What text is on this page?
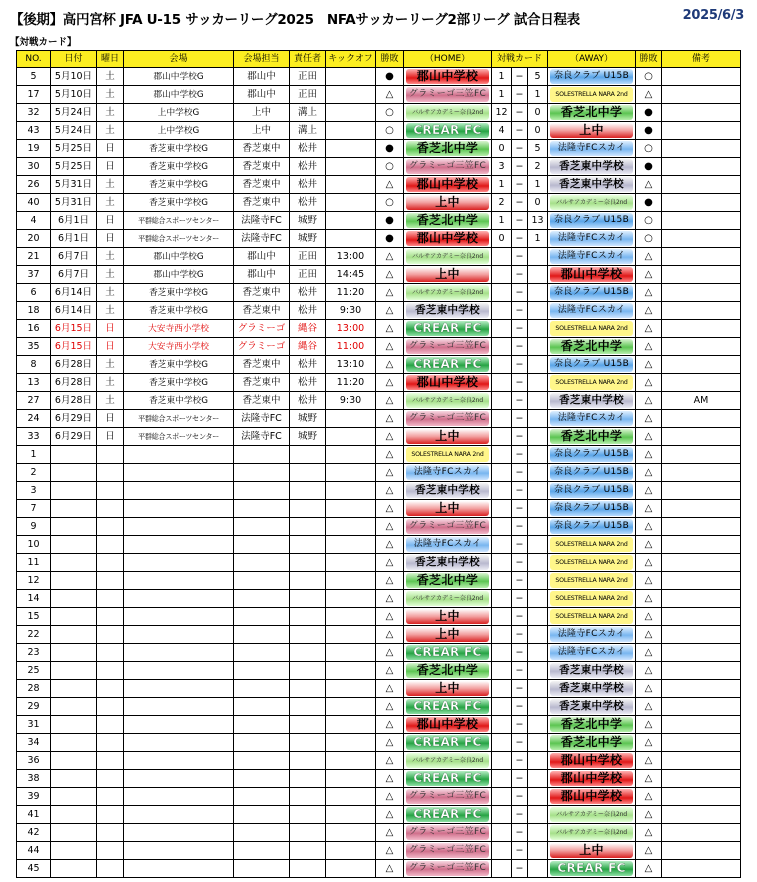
【後期】高円宮杯 JFA U-15 サッカーリーグ2025　NFAサッカーリーグ2部リーグ 試合日程表	2025/6/3
【対戦カード】
NO.	日付	曜日	会場	会場担当	責任者	キックオフ	勝敗	（HOME）	対戦カード			（AWAY）	勝敗	備考
5	5月10日	土	郡山中学校G	郡山中	正田		●	郡山中学校	1	−	5	奈良クラブ U15B	○	
17	5月10日	土	郡山中学校G	郡山中	正田		△	グラミーゴ三笠FC	1	−	1	SOLESTRELLA NARA 2nd	△	
32	5月24日	土	上中学校G	上中	溝上		○	バルサアカデミー奈良2nd	12	−	0	香芝北中学	●	
43	5月24日	土	上中学校G	上中	溝上		○	CREAR FC	4	−	0	上中	●	
19	5月25日	日	香芝東中学校G	香芝東中	松井		●	香芝北中学	0	−	5	法隆寺FCスカイ	○	
30	5月25日	日	香芝東中学校G	香芝東中	松井		○	グラミーゴ三笠FC	3	−	2	香芝東中学校	●	
26	5月31日	土	香芝東中学校G	香芝東中	松井		△	郡山中学校	1	−	1	香芝東中学校	△	
40	5月31日	土	香芝東中学校G	香芝東中	松井		○	上中	2	−	0	バルサアカデミー奈良2nd	●	
4	6月1日	日	平群総合スポーツセンター	法隆寺FC	城野		●	香芝北中学	1	−	13	奈良クラブ U15B	○	
20	6月1日	日	平群総合スポーツセンター	法隆寺FC	城野		●	郡山中学校	0	−	1	法隆寺FCスカイ	○	
21	6月7日	土	郡山中学校G	郡山中	正田	13:00	△	バルサアカデミー奈良2nd		−		法隆寺FCスカイ	△	
37	6月7日	土	郡山中学校G	郡山中	正田	14:45	△	上中		−		郡山中学校	△	
6	6月14日	土	香芝東中学校G	香芝東中	松井	11:20	△	バルサアカデミー奈良2nd		−		奈良クラブ U15B	△	
18	6月14日	土	香芝東中学校G	香芝東中	松井	9:30	△	香芝東中学校		−		法隆寺FCスカイ	△	
16	6月15日	日	大安寺西小学校	グラミーゴ	縄谷	13:00	△	CREAR FC		−		SOLESTRELLA NARA 2nd	△	
35	6月15日	日	大安寺西小学校	グラミーゴ	縄谷	11:00	△	グラミーゴ三笠FC		−		香芝北中学	△	
8	6月28日	土	香芝東中学校G	香芝東中	松井	13:10	△	CREAR FC		−		奈良クラブ U15B	△	
13	6月28日	土	香芝東中学校G	香芝東中	松井	11:20	△	郡山中学校		−		SOLESTRELLA NARA 2nd	△	
27	6月28日	土	香芝東中学校G	香芝東中	松井	9:30	△	バルサアカデミー奈良2nd		−		香芝東中学校	△	AM
24	6月29日	日	平群総合スポーツセンター	法隆寺FC	城野		△	グラミーゴ三笠FC		−		法隆寺FCスカイ	△	
33	6月29日	日	平群総合スポーツセンター	法隆寺FC	城野		△	上中		−		香芝北中学	△	
1							△	SOLESTRELLA NARA 2nd		−		奈良クラブ U15B	△	
2							△	法隆寺FCスカイ		−		奈良クラブ U15B	△	
3							△	香芝東中学校		−		奈良クラブ U15B	△	
7							△	上中		−		奈良クラブ U15B	△	
9							△	グラミーゴ三笠FC		−		奈良クラブ U15B	△	
10							△	法隆寺FCスカイ		−		SOLESTRELLA NARA 2nd	△	
11							△	香芝東中学校		−		SOLESTRELLA NARA 2nd	△	
12							△	香芝北中学		−		SOLESTRELLA NARA 2nd	△	
14							△	バルサアカデミー奈良2nd		−		SOLESTRELLA NARA 2nd	△	
15							△	上中		−		SOLESTRELLA NARA 2nd	△	
22							△	上中		−		法隆寺FCスカイ	△	
23							△	CREAR FC		−		法隆寺FCスカイ	△	
25							△	香芝北中学		−		香芝東中学校	△	
28							△	上中		−		香芝東中学校	△	
29							△	CREAR FC		−		香芝東中学校	△	
31							△	郡山中学校		−		香芝北中学	△	
34							△	CREAR FC		−		香芝北中学	△	
36							△	バルサアカデミー奈良2nd		−		郡山中学校	△	
38							△	CREAR FC		−		郡山中学校	△	
39							△	グラミーゴ三笠FC		−		郡山中学校	△	
41							△	CREAR FC		−		バルサアカデミー奈良2nd	△	
42							△	グラミーゴ三笠FC		−		バルサアカデミー奈良2nd	△	
44							△	グラミーゴ三笠FC		−		上中	△	
45							△	グラミーゴ三笠FC		−		CREAR FC	△	
